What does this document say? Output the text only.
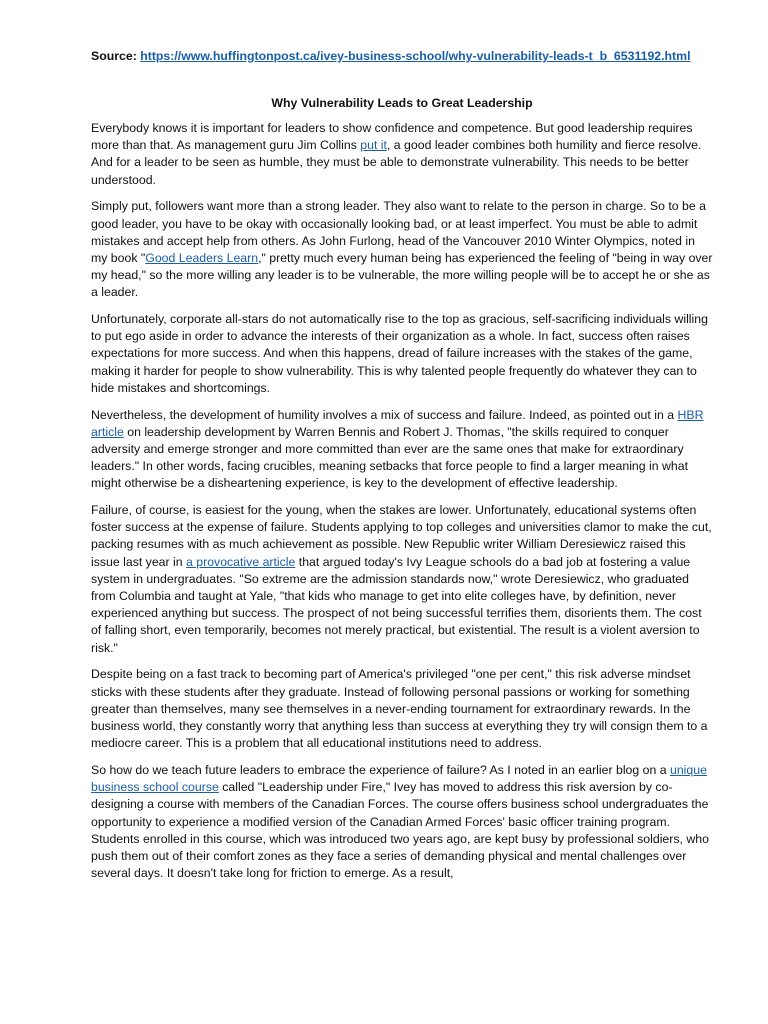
Source: https://www.huffingtonpost.ca/ivey-business-school/why-vulnerability-leads-t_b_6531192.html
Why Vulnerability Leads to Great Leadership

Everybody knows it is important for leaders to show confidence and competence. But good leadership requires more than that. As management guru Jim Collins put it, a good leader combines both humility and fierce resolve. And for a leader to be seen as humble, they must be able to demonstrate vulnerability. This needs to be better understood.

Simply put, followers want more than a strong leader. They also want to relate to the person in charge. So to be a good leader, you have to be okay with occasionally looking bad, or at least imperfect. You must be able to admit mistakes and accept help from others. As John Furlong, head of the Vancouver 2010 Winter Olympics, noted in my book "Good Leaders Learn," pretty much every human being has experienced the feeling of "being in way over my head," so the more willing any leader is to be vulnerable, the more willing people will be to accept he or she as a leader.

Unfortunately, corporate all-stars do not automatically rise to the top as gracious, self-sacrificing individuals willing to put ego aside in order to advance the interests of their organization as a whole. In fact, success often raises expectations for more success. And when this happens, dread of failure increases with the stakes of the game, making it harder for people to show vulnerability. This is why talented people frequently do whatever they can to hide mistakes and shortcomings.

Nevertheless, the development of humility involves a mix of success and failure. Indeed, as pointed out in a HBR article on leadership development by Warren Bennis and Robert J. Thomas, "the skills required to conquer adversity and emerge stronger and more committed than ever are the same ones that make for extraordinary leaders." In other words, facing crucibles, meaning setbacks that force people to find a larger meaning in what might otherwise be a disheartening experience, is key to the development of effective leadership.

Failure, of course, is easiest for the young, when the stakes are lower. Unfortunately, educational systems often foster success at the expense of failure. Students applying to top colleges and universities clamor to make the cut, packing resumes with as much achievement as possible. New Republic writer William Deresiewicz raised this issue last year in a provocative article that argued today's Ivy League schools do a bad job at fostering a value system in undergraduates. "So extreme are the admission standards now," wrote Deresiewicz, who graduated from Columbia and taught at Yale, "that kids who manage to get into elite colleges have, by definition, never experienced anything but success. The prospect of not being successful terrifies them, disorients them. The cost of falling short, even temporarily, becomes not merely practical, but existential. The result is a violent aversion to risk."

Despite being on a fast track to becoming part of America's privileged "one per cent," this risk adverse mindset sticks with these students after they graduate. Instead of following personal passions or working for something greater than themselves, many see themselves in a never-ending tournament for extraordinary rewards. In the business world, they constantly worry that anything less than success at everything they try will consign them to a mediocre career. This is a problem that all educational institutions need to address.

So how do we teach future leaders to embrace the experience of failure? As I noted in an earlier blog on a unique business school course called "Leadership under Fire," Ivey has moved to address this risk aversion by co-designing a course with members of the Canadian Forces. The course offers business school undergraduates the opportunity to experience a modified version of the Canadian Armed Forces' basic officer training program. Students enrolled in this course, which was introduced two years ago, are kept busy by professional soldiers, who push them out of their comfort zones as they face a series of demanding physical and mental challenges over several days. It doesn't take long for friction to emerge. As a result,
